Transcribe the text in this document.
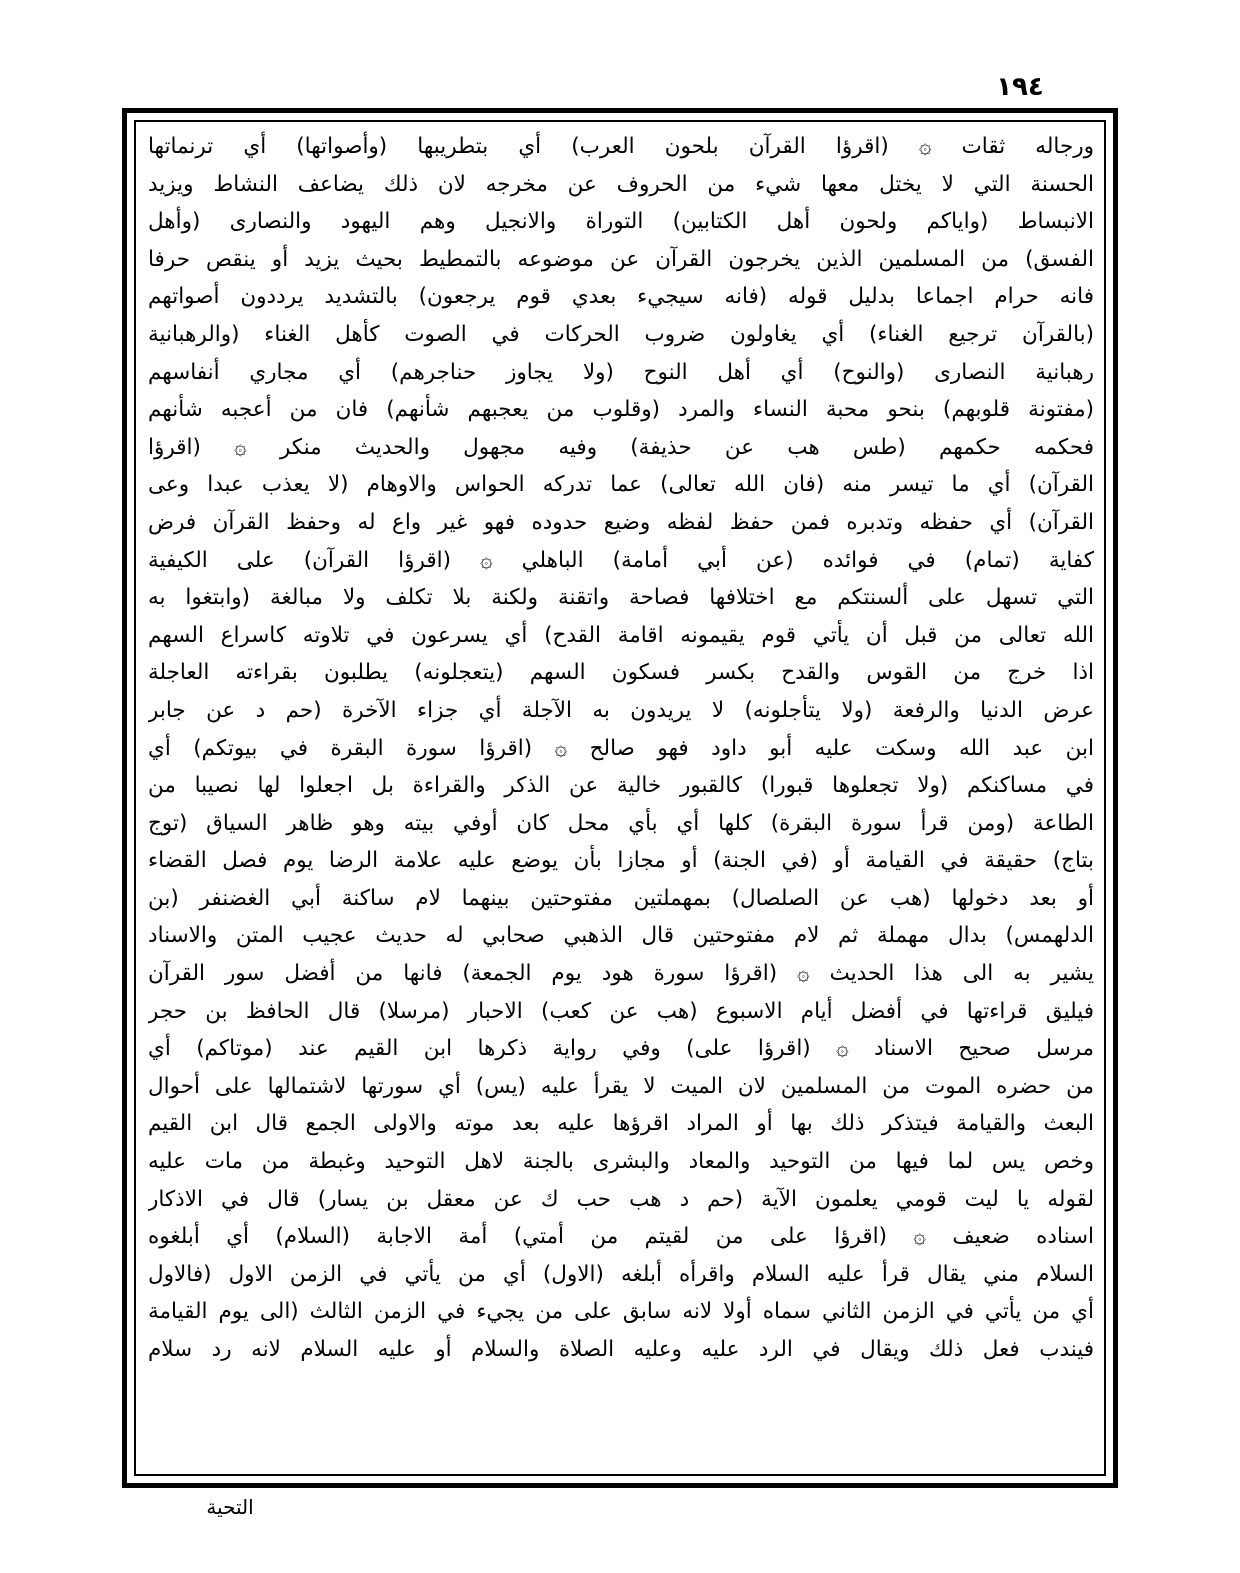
١٩٤
ورجاله ثقات ۞ (اقرؤا القرآن بلحون العرب) أي بتطريبها (وأصواتها) أي ترنماتها
الحسنة التي لا يختل معها شيء من الحروف عن مخرجه لان ذلك يضاعف النشاط ويزيد
الانبساط (واياكم ولحون أهل الكتابين) التوراة والانجيل وهم اليهود والنصارى (وأهل
الفسق) من المسلمين الذين يخرجون القرآن عن موضوعه بالتمطيط بحيث يزيد أو ينقص حرفا
فانه حرام اجماعا بدليل قوله (فانه سيجيء بعدي قوم يرجعون) بالتشديد يرددون أصواتهم
(بالقرآن ترجيع الغناء) أي يغاولون ضروب الحركات في الصوت كأهل الغناء (والرهبانية
رهبانية النصارى (والنوح) أي أهل النوح (ولا يجاوز حناجرهم) أي مجاري أنفاسهم
(مفتونة قلوبهم) بنحو محبة النساء والمرد (وقلوب من يعجبهم شأنهم) فان من أعجبه شأنهم
فحكمه حكمهم (طس هب عن حذيفة) وفيه مجهول والحديث منكر ۞ (اقرؤا
القرآن) أي ما تيسر منه (فان الله تعالى) عما تدركه الحواس والاوهام (لا يعذب عبدا وعى
القرآن) أي حفظه وتدبره فمن حفظ لفظه وضيع حدوده فهو غير واع له وحفظ القرآن فرض
كفاية (تمام) في فوائده (عن أبي أمامة) الباهلي ۞ (اقرؤا القرآن) على الكيفية
التي تسهل على ألسنتكم مع اختلافها فصاحة واتقنة ولكنة بلا تكلف ولا مبالغة (وابتغوا به
الله تعالى من قبل أن يأتي قوم يقيمونه اقامة القدح) أي يسرعون في تلاوته كاسراع السهم
اذا خرج من القوس والقدح بكسر فسكون السهم (يتعجلونه) يطلبون بقراءته العاجلة
عرض الدنيا والرفعة (ولا يتأجلونه) لا يريدون به الآجلة أي جزاء الآخرة (حم د عن جابر
ابن عبد الله وسكت عليه أبو داود فهو صالح ۞ (اقرؤا سورة البقرة في بيوتكم) أي
في مساكنكم (ولا تجعلوها قبورا) كالقبور خالية عن الذكر والقراءة بل اجعلوا لها نصيبا من
الطاعة (ومن قرأ سورة البقرة) كلها أي بأي محل كان أوفي بيته وهو ظاهر السياق (توج
بتاج) حقيقة في القيامة أو (في الجنة) أو مجازا بأن يوضع عليه علامة الرضا يوم فصل القضاء
أو بعد دخولها (هب عن الصلصال) بمهملتين مفتوحتين بينهما لام ساكنة أبي الغضنفر (بن
الدلهمس) بدال مهملة ثم لام مفتوحتين قال الذهبي صحابي له حديث عجيب المتن والاسناد
يشير به الى هذا الحديث ۞ (اقرؤا سورة هود يوم الجمعة) فانها من أفضل سور القرآن
فيليق قراءتها في أفضل أيام الاسبوع (هب عن كعب) الاحبار (مرسلا) قال الحافظ بن حجر
مرسل صحيح الاسناد ۞ (اقرؤا على) وفي رواية ذكرها ابن القيم عند (موتاكم) أي
من حضره الموت من المسلمين لان الميت لا يقرأ عليه (يس) أي سورتها لاشتمالها على أحوال
البعث والقيامة فيتذكر ذلك بها أو المراد اقرؤها عليه بعد موته والاولى الجمع قال ابن القيم
وخص يس لما فيها من التوحيد والمعاد والبشرى بالجنة لاهل التوحيد وغبطة من مات عليه
لقوله يا ليت قومي يعلمون الآية (حم د هب حب ك عن معقل بن يسار) قال في الاذكار
اسناده ضعيف ۞ (اقرؤا على من لقيتم من أمتي) أمة الاجابة (السلام) أي أبلغوه
السلام مني يقال قرأ عليه السلام واقرأه أبلغه (الاول) أي من يأتي في الزمن الاول (فالاول
أي من يأتي في الزمن الثاني سماه أولا لانه سابق على من يجيء في الزمن الثالث (الى يوم القيامة
فيندب فعل ذلك ويقال في الرد عليه وعليه الصلاة والسلام أو عليه السلام لانه رد سلام
التحية
